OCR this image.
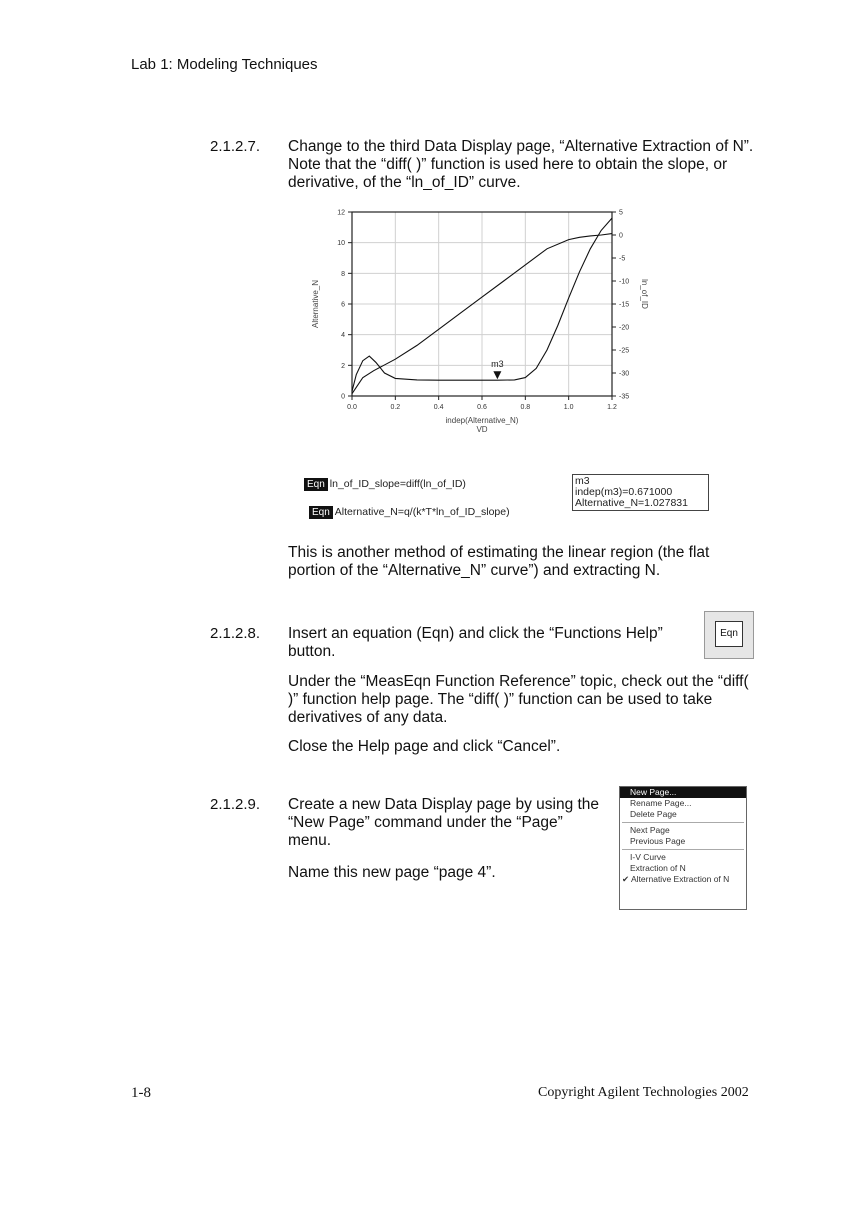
Lab 1: Modeling Techniques
2.1.2.7. Change to the third Data Display page, “Alternative Extraction of N”. Note that the “diff( )” function is used here to obtain the slope, or derivative, of the “ln_of_ID” curve.
0.0	0.2	0.4	0.6	0.8	1.0	1.2
0
2
4
6
8
10
12
-35
-30
-25
-20
-15
-10
-5
0
5
indep(Alternative_N)
VD
Alternative_N	ln_of_ID
m3
Eqn ln_of_ID_slope=diff(ln_of_ID)
Eqn Alternative_N=q/(k*T*ln_of_ID_slope)
m3
indep(m3)=0.671000
Alternative_N=1.027831
This is another method of estimating the linear region (the flat portion of the “Alternative_N” curve”) and extracting N.
2.1.2.8. Insert an equation (Eqn) and click the “Functions Help” button.
Eqn
Under the “MeasEqn Function Reference” topic, check out the “diff( )” function help page. The “diff( )” function can be used to take derivatives of any data.
Close the Help page and click “Cancel”.
2.1.2.9. Create a new Data Display page by using the “New Page” command under the “Page” menu.
Name this new page “page 4”.
New Page...
Rename Page...
Delete Page
Next Page
Previous Page
I-V Curve
Extraction of N
✔ Alternative Extraction of N
1-8	Copyright Agilent Technologies 2002
